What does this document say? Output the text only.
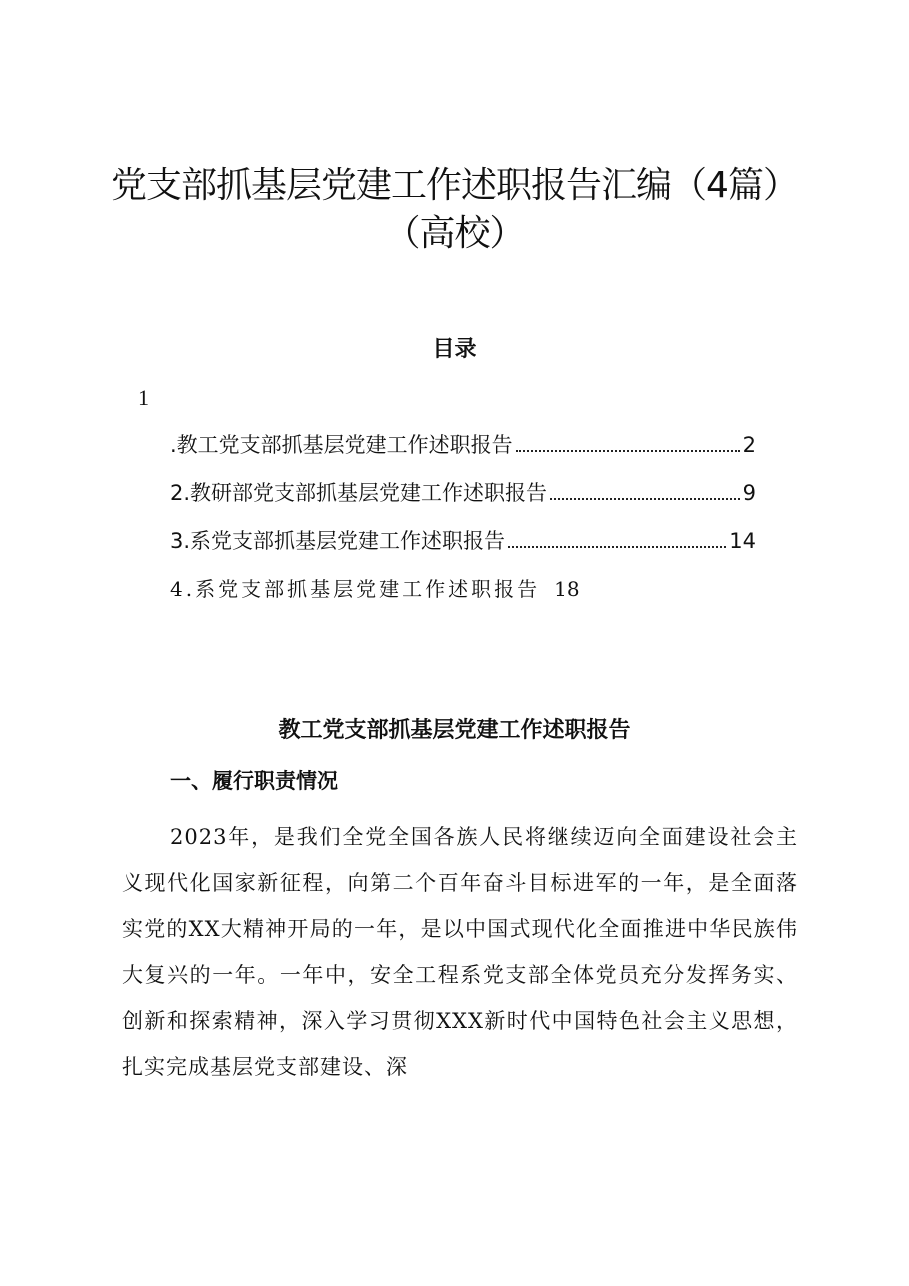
党支部抓基层党建工作述职报告汇编（4篇）
（高校）
目录
1
.教工党支部抓基层党建工作述职报告	2
2.教研部党支部抓基层党建工作述职报告	9
3.系党支部抓基层党建工作述职报告	14
4.系党支部抓基层党建工作述职报告 18
教工党支部抓基层党建工作述职报告
一、履行职责情况

2023年，是我们全党全国各族人民将继续迈向全面建设社会主义现代化国家新征程，向第二个百年奋斗目标进军的一年，是全面落实党的XX大精神开局的一年，是以中国式现代化全面推进中华民族伟大复兴的一年。一年中，安全工程系党支部全体党员充分发挥务实、创新和探索精神，深入学习贯彻XXX新时代中国特色社会主义思想，扎实完成基层党支部建设、深
